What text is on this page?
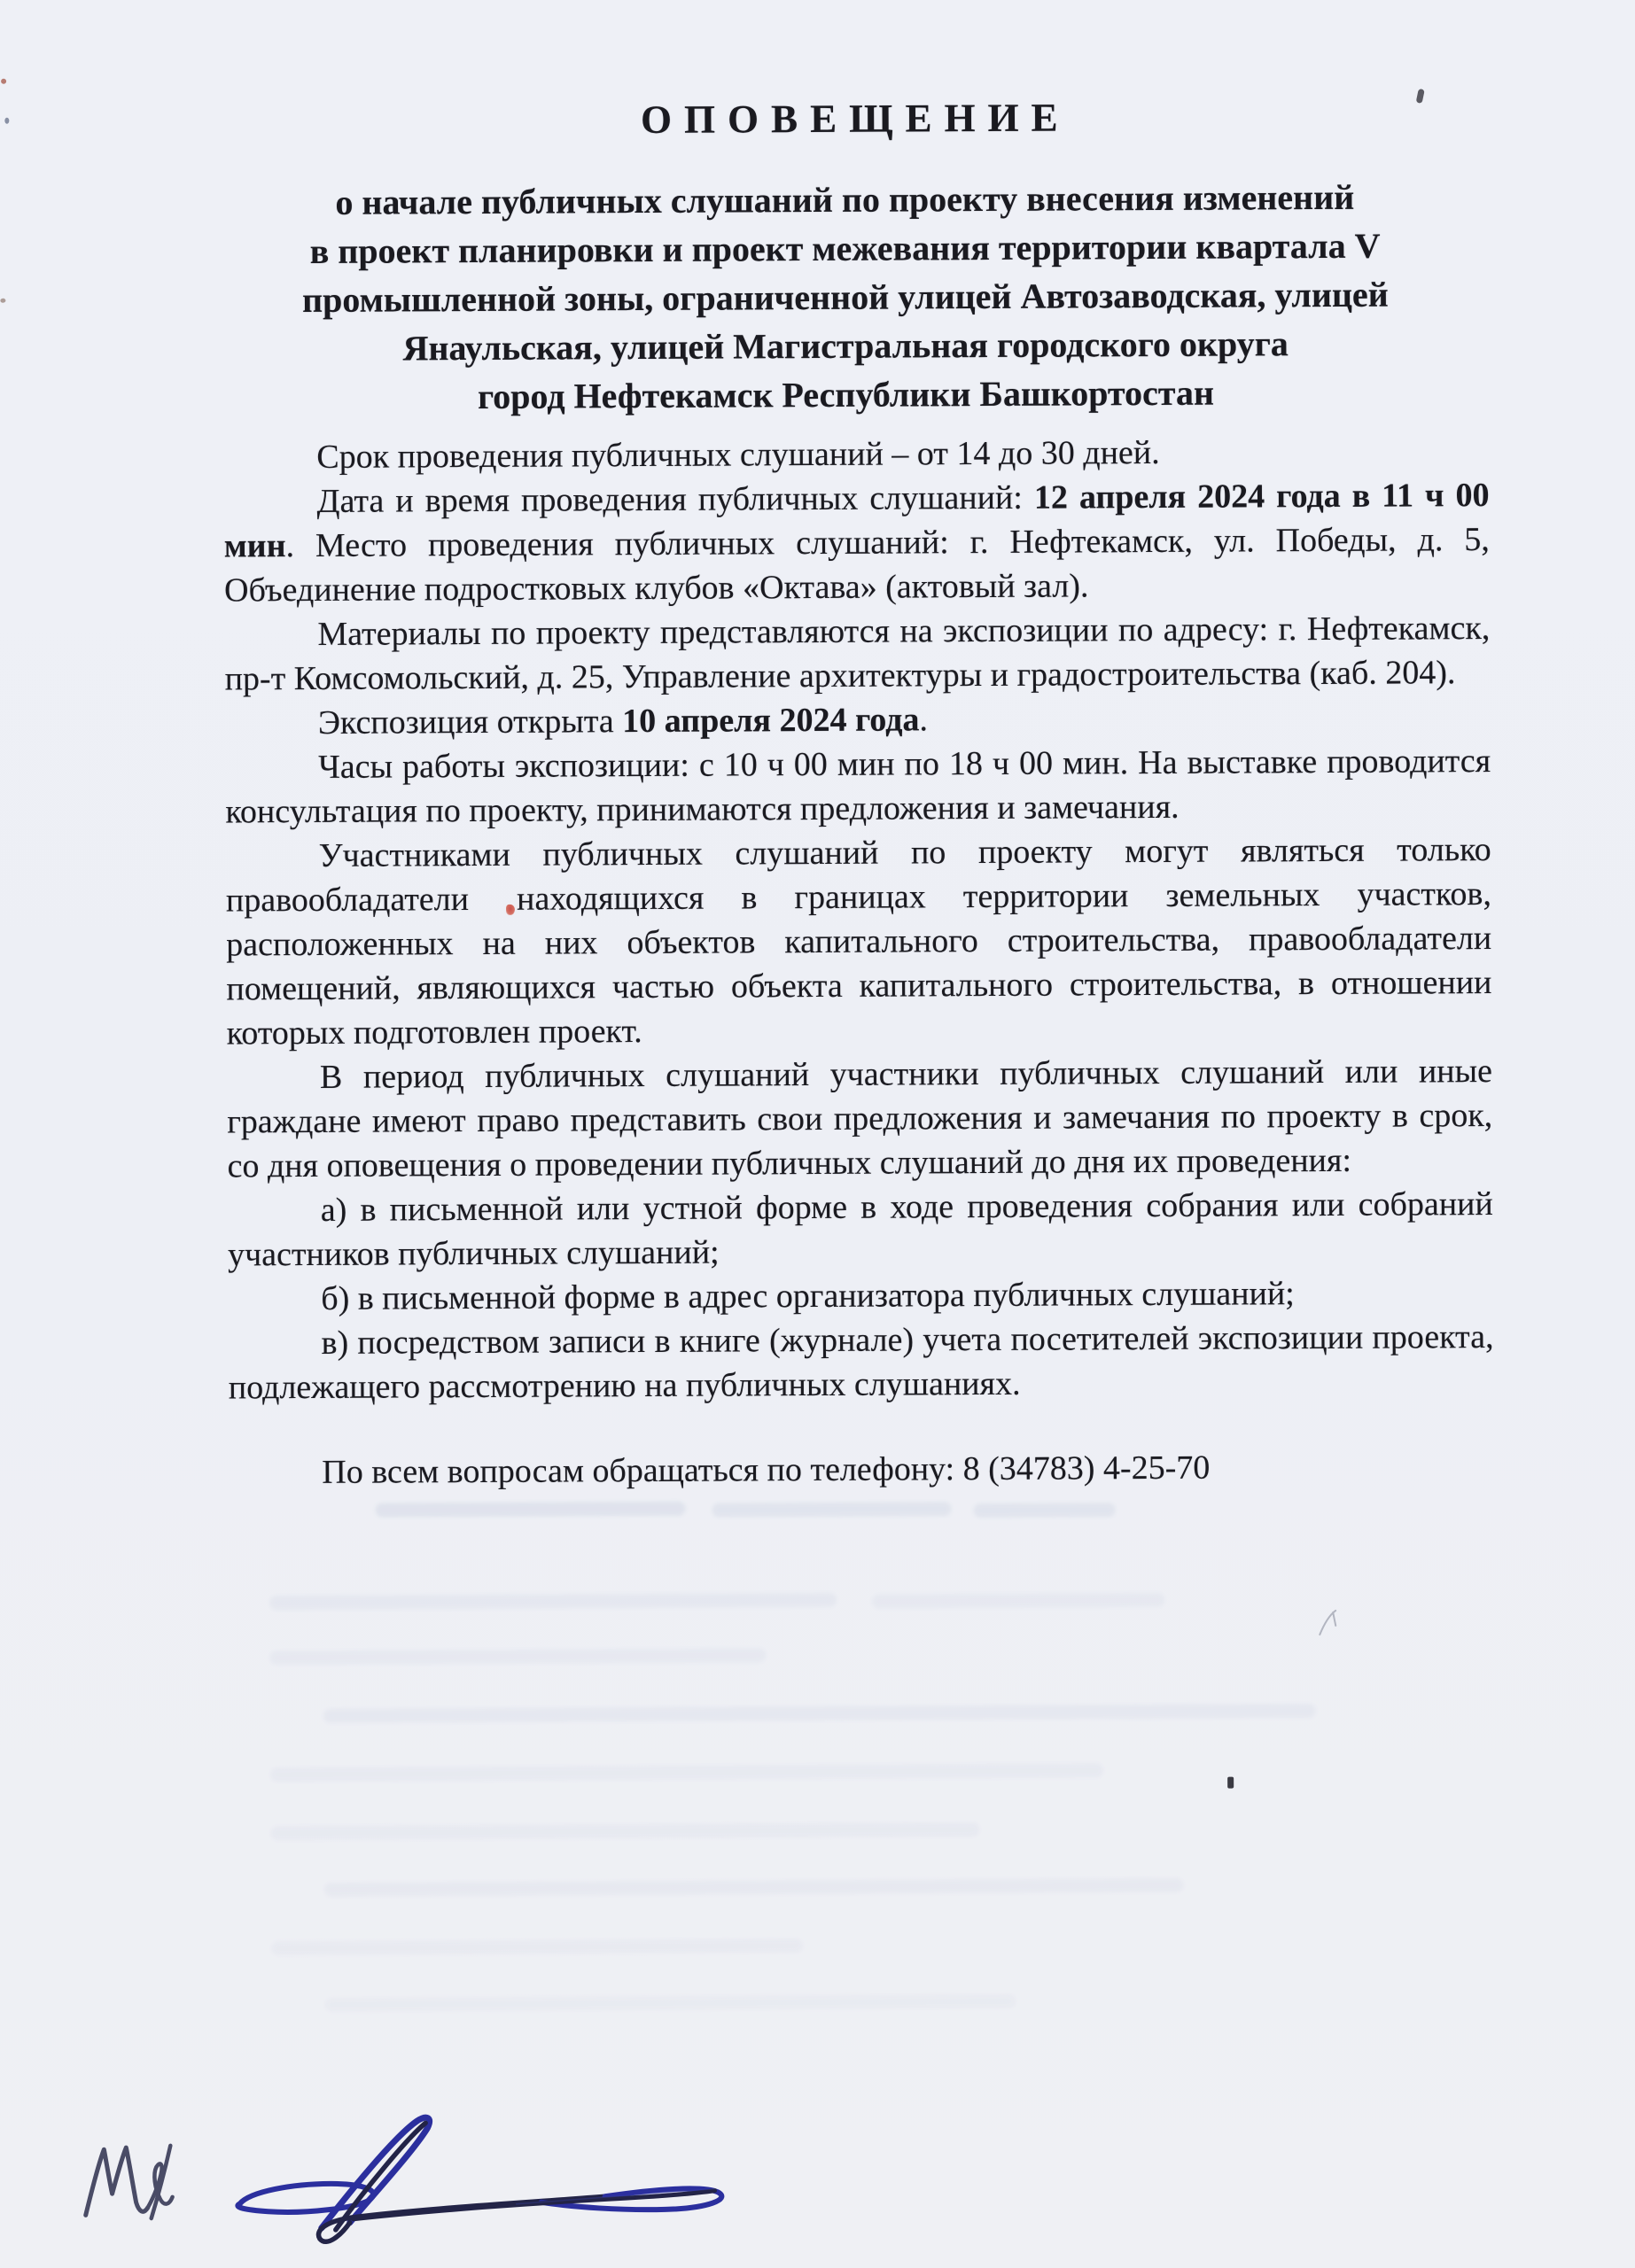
ОПОВЕЩЕНИЕ
о начале публичных слушаний по проекту внесения изменений
в проект планировки и проект межевания территории квартала V
промышленной зоны, ограниченной улицей Автозаводская, улицей
Янаульская, улицей Магистральная городского округа
город Нефтекамск Республики Башкортостан

Срок проведения публичных слушаний – от 14 до 30 дней.

Дата и время проведения публичных слушаний: 12 апреля 2024 года в 11 ч 00 мин. Место проведения публичных слушаний: г. Нефтекамск, ул. Победы, д. 5, Объединение подростковых клубов «Октава» (актовый зал).

Материалы по проекту представляются на экспозиции по адресу: г. Нефтекамск, пр-т Комсомольский, д. 25, Управление архитектуры и градостроительства (каб. 204).

Экспозиция открыта 10 апреля 2024 года.

Часы работы экспозиции: с 10 ч 00 мин по 18 ч 00 мин. На выставке проводится консультация по проекту, принимаются предложения и замечания.

Участниками публичных слушаний по проекту могут являться только правообладатели находящихся в границах территории земельных участков, расположенных на них объектов капитального строительства, правообладатели помещений, являющихся частью объекта капитального строительства, в отношении которых подготовлен проект.

В период публичных слушаний участники публичных слушаний или иные граждане имеют право представить свои предложения и замечания по проекту в срок, со дня оповещения о проведении публичных слушаний до дня их проведения:

а) в письменной или устной форме в ходе проведения собрания или собраний участников публичных слушаний;

б) в письменной форме в адрес организатора публичных слушаний;

в) посредством записи в книге (журнале) учета посетителей экспозиции проекта, подлежащего рассмотрению на публичных слушаниях.

По всем вопросам обращаться по телефону: 8 (34783) 4-25-70
